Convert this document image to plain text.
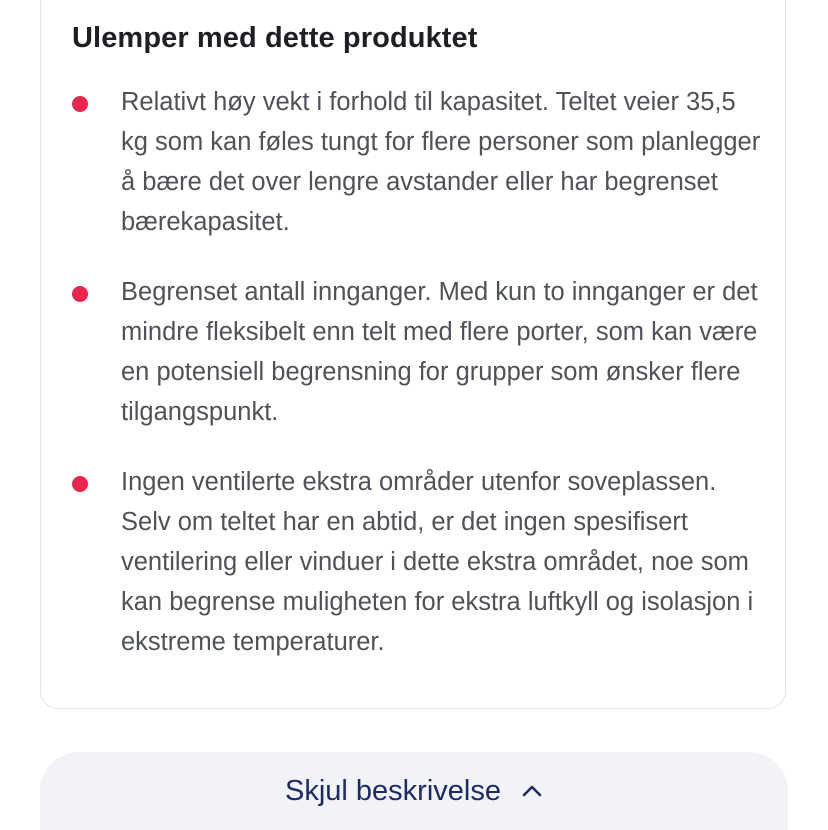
Ulemper med dette produktet

Relativt høy vekt i forhold til kapasitet. Teltet veier 35,5 kg som kan føles tungt for flere personer som planlegger å bære det over lengre avstander eller har begrenset bærekapasitet.

Begrenset antall innganger. Med kun to innganger er det mindre fleksibelt enn telt med flere porter, som kan være en potensiell begrensning for grupper som ønsker flere tilgangspunkt.

Ingen ventilerte ekstra områder utenfor soveplassen. Selv om teltet har en abtid, er det ingen spesifisert ventilering eller vinduer i dette ekstra området, noe som kan begrense muligheten for ekstra luftkyll og isolasjon i ekstreme temperaturer.

Skjul beskrivelse
